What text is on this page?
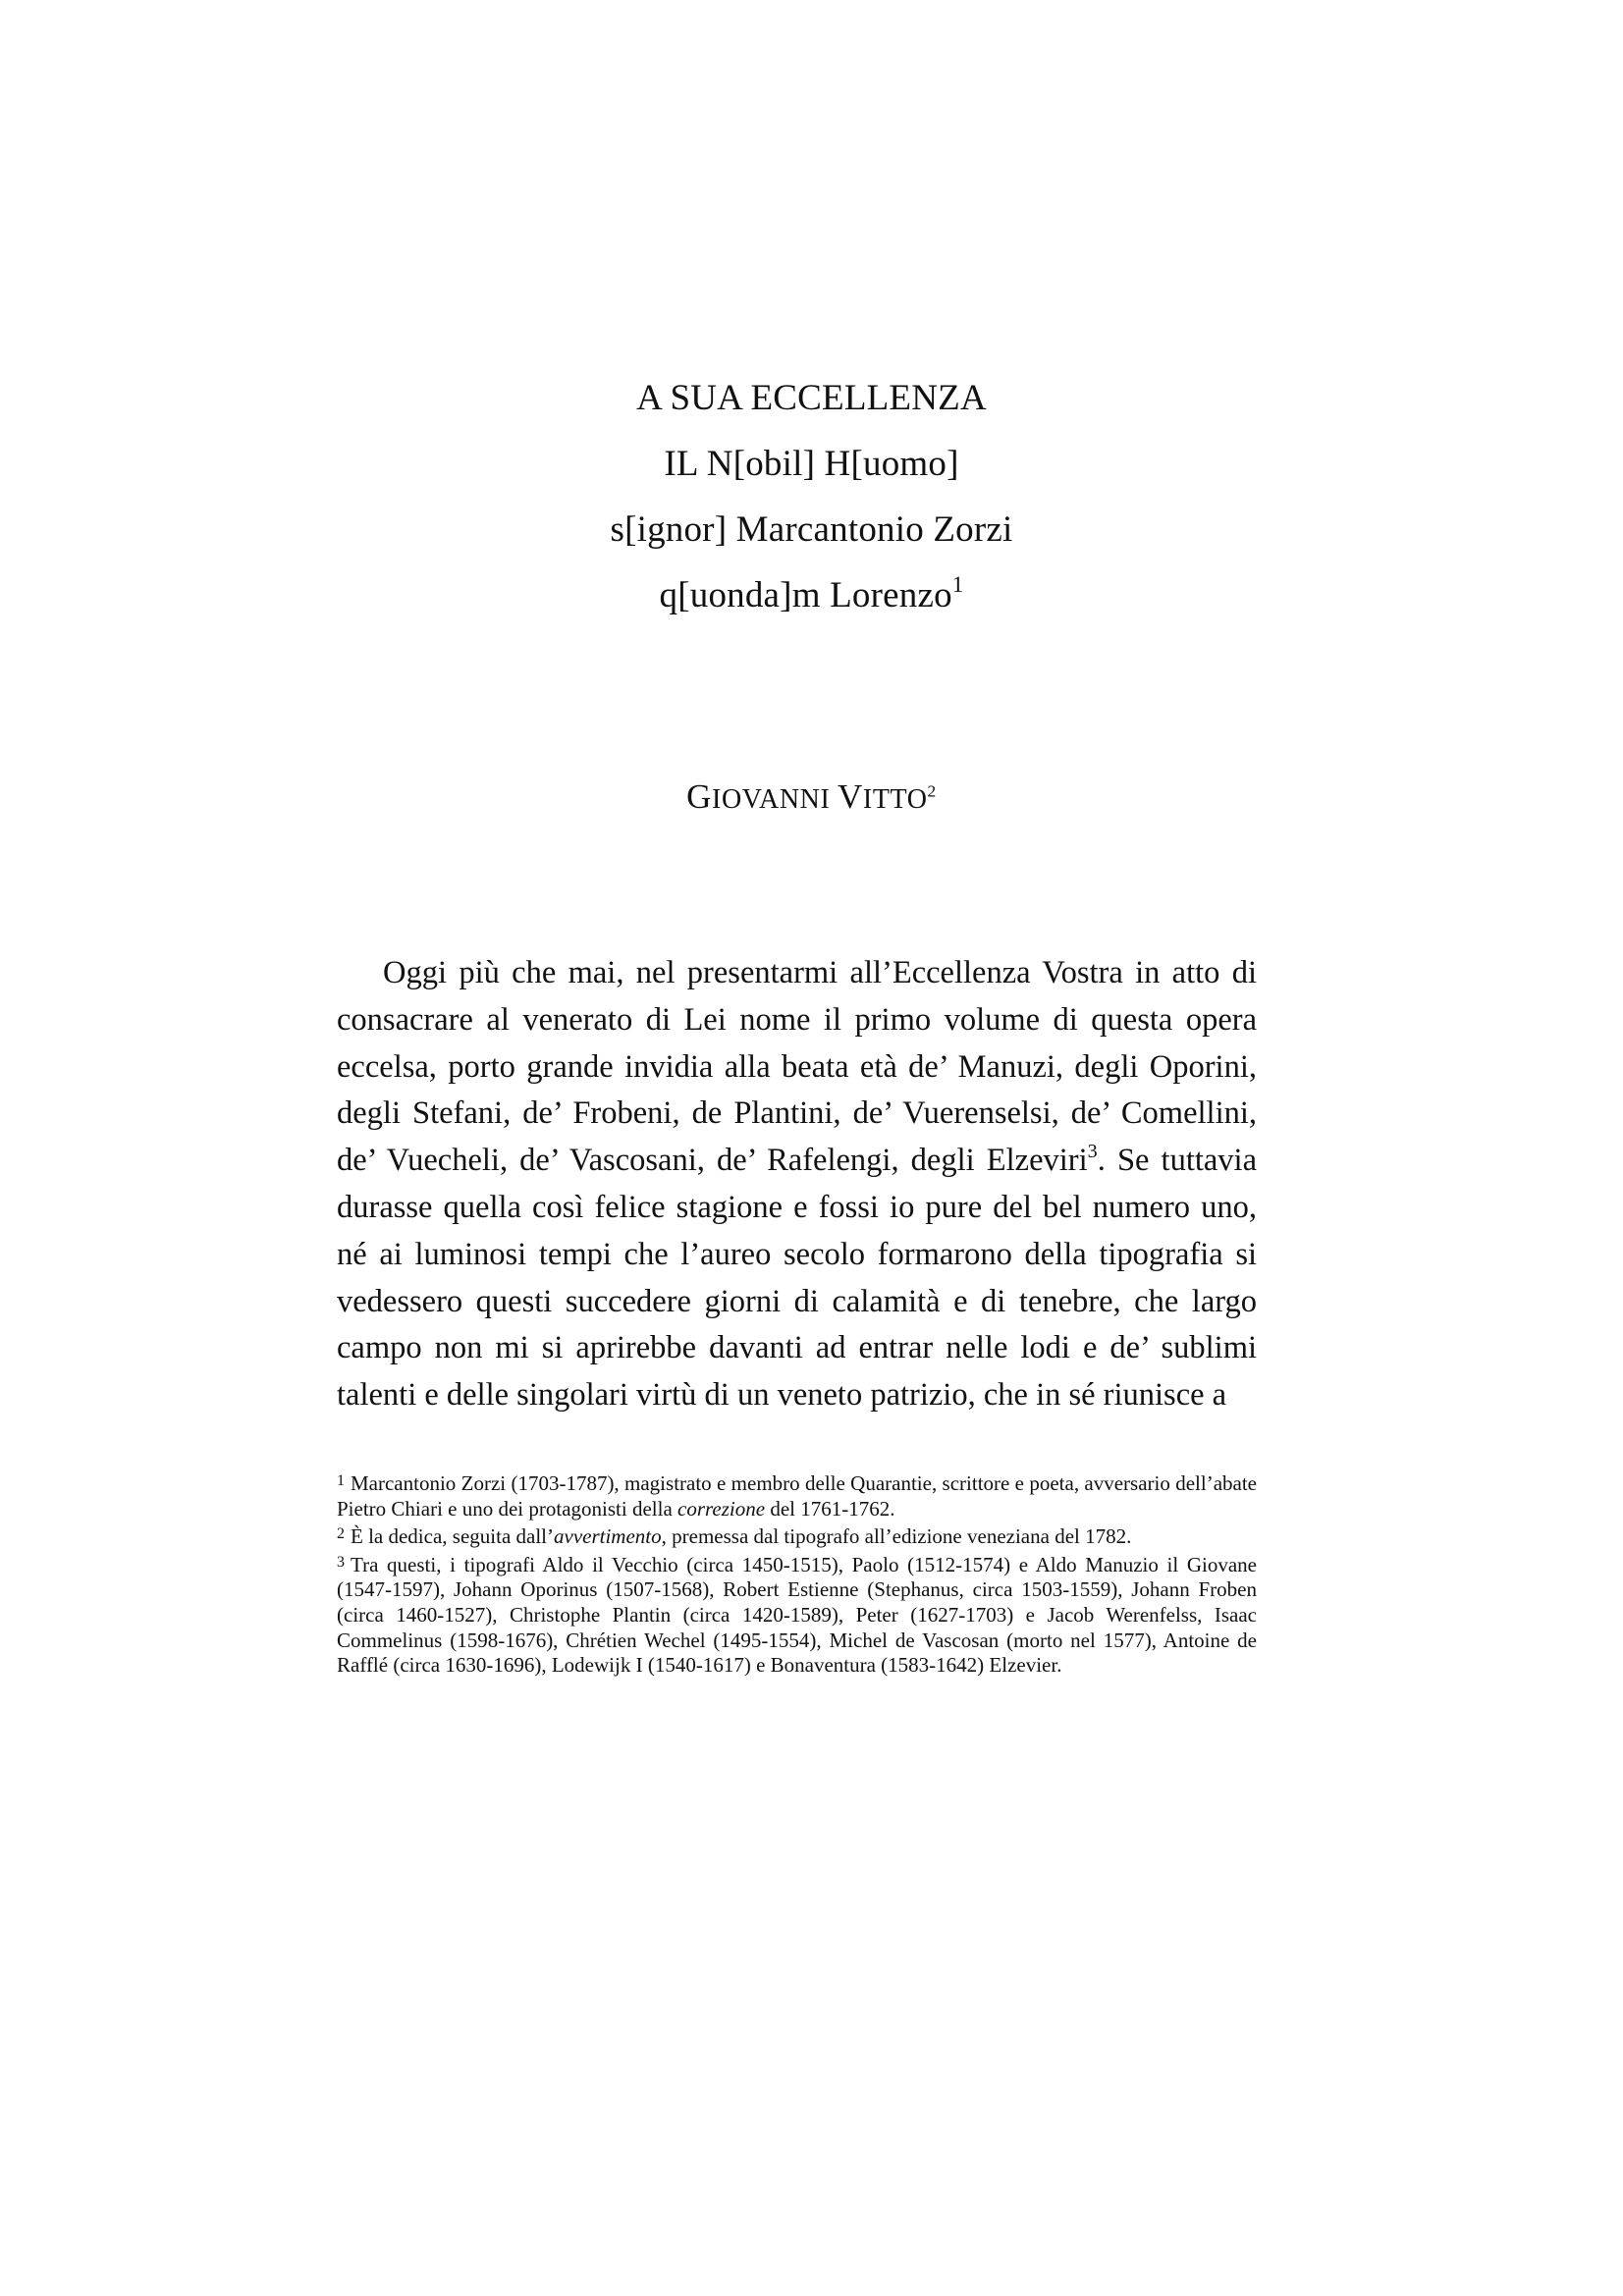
A SUA ECCELLENZA
IL N[obil] H[uomo]
s[ignor] Marcantonio Zorzi
q[uonda]m Lorenzo$^1$
GIOVANNI VITTO$^2$

Oggi più che mai, nel presentarmi all’Eccellenza Vostra in atto di consacrare al venerato di Lei nome il primo volume di questa opera eccelsa, porto grande invidia alla beata età de’ Manuzi, degli Oporini, degli Stefani, de’ Frobeni, de Plantini, de’ Vuerenselsi, de’ Comellini, de’ Vuecheli, de’ Vascosani, de’ Rafelengi, degli Elzeviri$^3$. Se tuttavia durasse quella così felice stagione e fossi io pure del bel numero uno, né ai luminosi tempi che l’aureo secolo formarono della tipografia si vedessero questi succedere giorni di calamità e di tenebre, che largo campo non mi si aprirebbe davanti ad entrar nelle lodi e de’ sublimi talenti e delle singolari virtù di un veneto patrizio, che in sé riunisce a

$^1$ Marcantonio Zorzi (1703-1787), magistrato e membro delle Quarantie, scrittore e poeta, avversario dell’abate Pietro Chiari e uno dei protagonisti della correzione del 1761-1762.

$^2$ È la dedica, seguita dall’avvertimento, premessa dal tipografo all’edizione veneziana del 1782.

$^3$ Tra questi, i tipografi Aldo il Vecchio (circa 1450-1515), Paolo (1512-1574) e Aldo Manuzio il Giovane (1547-1597), Johann Oporinus (1507-1568), Robert Estienne (Stephanus, circa 1503-1559), Johann Froben (circa 1460-1527), Christophe Plantin (circa 1420-1589), Peter (1627-1703) e Jacob Werenfelss, Isaac Commelinus (1598-1676), Chrétien Wechel (1495-1554), Michel de Vascosan (morto nel 1577), Antoine de Rafflé (circa 1630-1696), Lodewijk I (1540-1617) e Bonaventura (1583-1642) Elzevier.
